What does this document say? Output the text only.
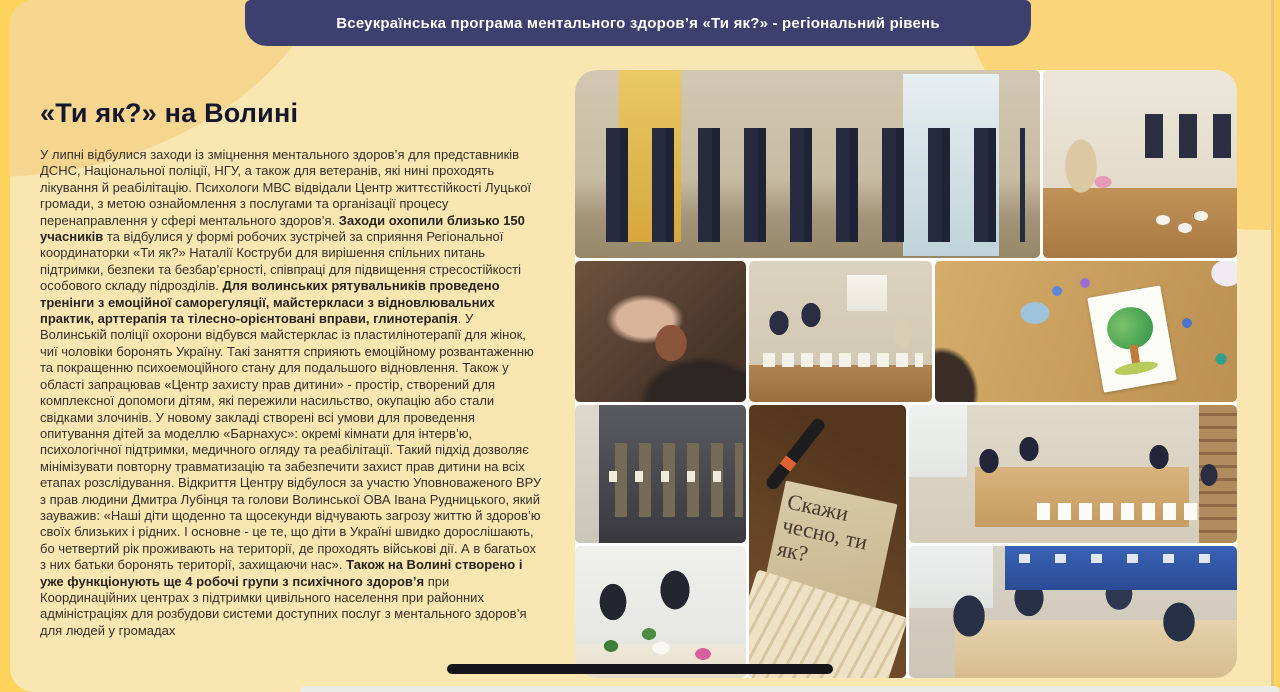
Всеукраїнська програма ментального здоров’я «Ти як?» - регіональний рівень
«Ти як?» на Волині

У липні відбулися заходи із зміцнення ментального здоров’я для представників ДСНС, Національної поліції, НГУ, а також для ветеранів, які нині проходять лікування й реабілітацію. Психологи МВС відвідали Центр життєстійкості Луцької громади, з метою ознайомлення з послугами та організації процесу перенаправлення у сфері ментального здоров’я. Заходи охопили близько 150 учасників та відбулися у формі робочих зустрічей за сприяння Регіональної координаторки «Ти як?» Наталії Коструби для вирішення спільних питань підтримки, безпеки та безбар’єрності, співпраці для підвищення стресостійкості особового складу підрозділів. Для волинських рятувальників проведено тренінги з емоційної саморегуляції, майстеркласи з відновлювальних практик, арттерапія та тілесно-орієнтовані вправи, глинотерапія. У Волинській поліції охорони відбувся майстерклас із пластилінотерапії для жінок, чиї чоловіки боронять Україну. Такі заняття сприяють емоційному розвантаженню та покращенню психоемоційного стану для подальшого відновлення. Також у області запрацював «Центр захисту прав дитини» - простір, створений для комплексної допомоги дітям, які пережили насильство, окупацію або стали свідками злочинів. У новому закладі створені всі умови для проведення опитування дітей за моделлю «Барнахус»: окремі кімнати для інтерв’ю, психологічної підтримки, медичного огляду та реабілітації. Такий підхід дозволяє мінімізувати повторну травматизацію та забезпечити захист прав дитини на всіх етапах розслідування. Відкриття Центру відбулося за участю Уповноваженого ВРУ з прав людини Дмитра Лубінця та голови Волинської ОВА Івана Рудницького, який зауважив: «Наші діти щоденно та щосекунди відчувають загрозу життю й здоров’ю своїх близьких і рідних. І основне - це те, що діти в Україні швидко дорослішають, бо четвертий рік проживають на території, де проходять військові дії. А в багатьох з них батьки боронять території, захищаючи нас». Також на Волині створено і уже функціонують ще 4 робочі групи з психічного здоров’я при Координаційних центрах з підтримки цивільного населення при районних адміністраціях для розбудови системи доступних послуг з ментального здоров’я для людей у громадах

Скажи чесно, ти як?
